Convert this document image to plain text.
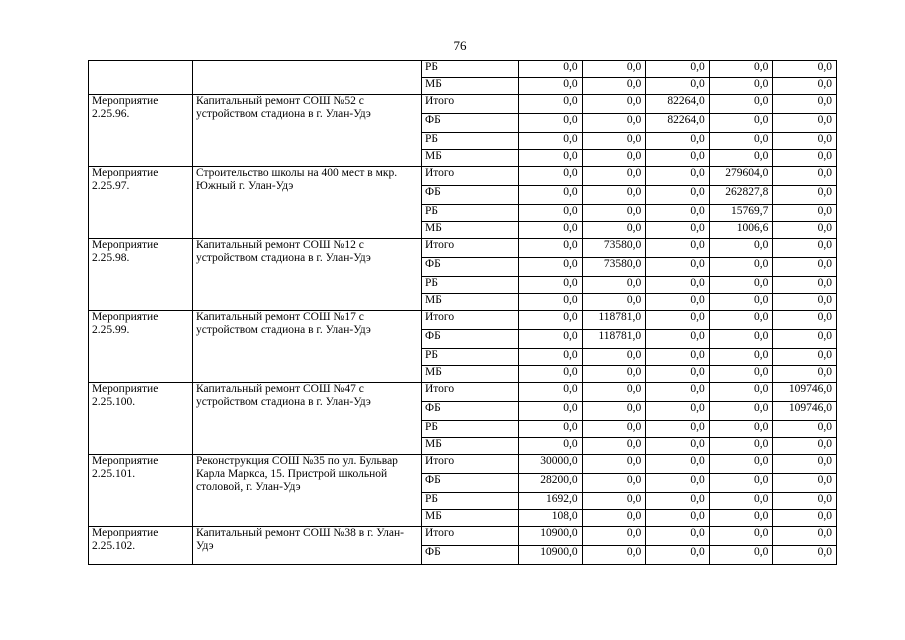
76
		РБ	0,0	0,0	0,0	0,0	0,0
		МБ	0,0	0,0	0,0	0,0	0,0
Мероприятие 2.25.96.	Капитальный ремонт СОШ №52 с устройством стадиона в г. Улан-Удэ	Итого	0,0	0,0	82264,0	0,0	0,0
		ФБ	0,0	0,0	82264,0	0,0	0,0
		РБ	0,0	0,0	0,0	0,0	0,0
		МБ	0,0	0,0	0,0	0,0	0,0
Мероприятие 2.25.97.	Строительство школы на 400 мест в мкр. Южный г. Улан-Удэ	Итого	0,0	0,0	0,0	279604,0	0,0
		ФБ	0,0	0,0	0,0	262827,8	0,0
		РБ	0,0	0,0	0,0	15769,7	0,0
		МБ	0,0	0,0	0,0	1006,6	0,0
Мероприятие 2.25.98.	Капитальный ремонт СОШ №12 с устройством стадиона в г. Улан-Удэ	Итого	0,0	73580,0	0,0	0,0	0,0
		ФБ	0,0	73580,0	0,0	0,0	0,0
		РБ	0,0	0,0	0,0	0,0	0,0
		МБ	0,0	0,0	0,0	0,0	0,0
Мероприятие 2.25.99.	Капитальный ремонт СОШ №17 с устройством стадиона в г. Улан-Удэ	Итого	0,0	118781,0	0,0	0,0	0,0
		ФБ	0,0	118781,0	0,0	0,0	0,0
		РБ	0,0	0,0	0,0	0,0	0,0
		МБ	0,0	0,0	0,0	0,0	0,0
Мероприятие 2.25.100.	Капитальный ремонт СОШ №47 с устройством стадиона в г. Улан-Удэ	Итого	0,0	0,0	0,0	0,0	109746,0
		ФБ	0,0	0,0	0,0	0,0	109746,0
		РБ	0,0	0,0	0,0	0,0	0,0
		МБ	0,0	0,0	0,0	0,0	0,0
Мероприятие 2.25.101.	Реконструкция СОШ №35 по ул. Бульвар Карла Маркса, 15. Пристрой школьной столовой, г. Улан-Удэ	Итого	30000,0	0,0	0,0	0,0	0,0
		ФБ	28200,0	0,0	0,0	0,0	0,0
		РБ	1692,0	0,0	0,0	0,0	0,0
		МБ	108,0	0,0	0,0	0,0	0,0
Мероприятие 2.25.102.	Капитальный ремонт СОШ №38 в г. Улан-Удэ	Итого	10900,0	0,0	0,0	0,0	0,0
		ФБ	10900,0	0,0	0,0	0,0	0,0
